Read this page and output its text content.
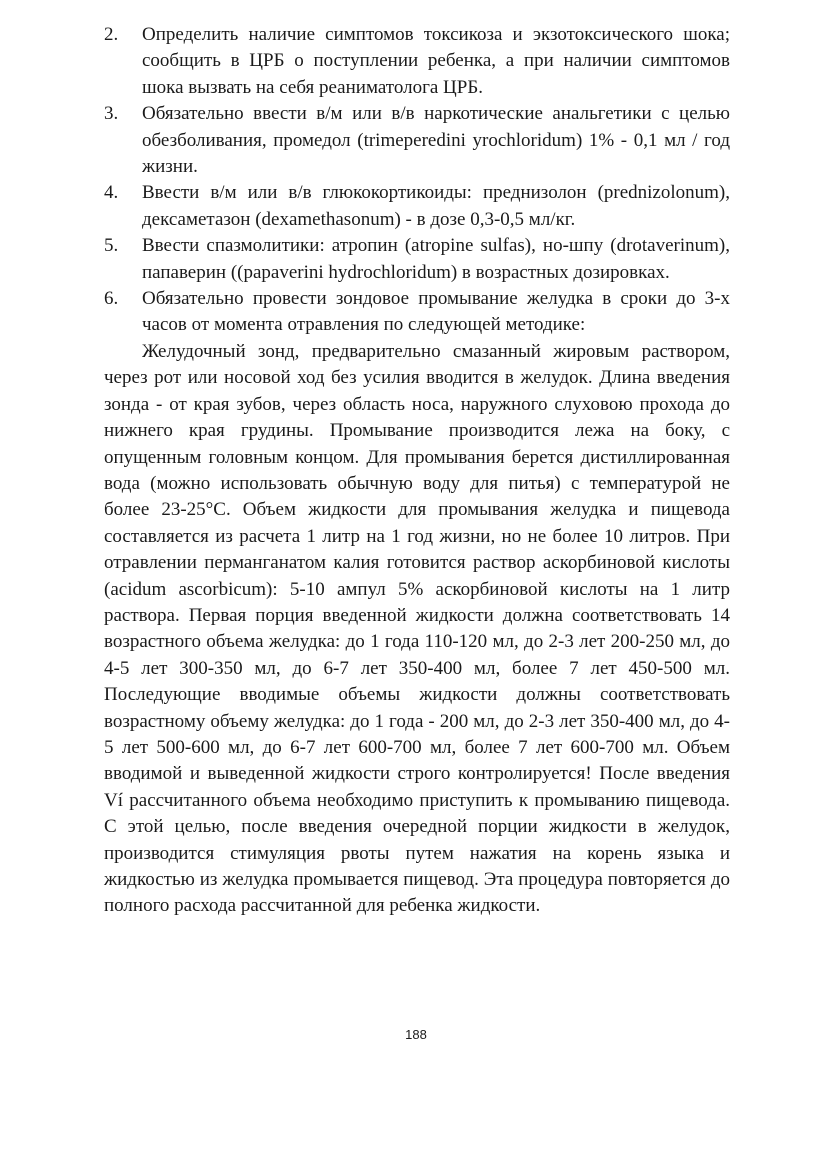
2.	Определить наличие симптомов токсикоза и экзотоксического шока; сообщить в ЦРБ о поступлении ребенка, а при наличии симптомов шока вызвать на себя реаниматолога ЦРБ.
3.	Обязательно ввести в/м или в/в наркотические анальгетики с целью обезболивания, промедол (trimeperedini yrochloridum) 1% - 0,1 мл / год жизни.
4.	Ввести в/м или в/в глюкокортикоиды: преднизолон (prednizolonum), дексаметазон (dexamethasonum) - в дозе 0,3-0,5 мл/кг.
5.	Ввести спазмолитики: атропин (atropine sulfas), но-шпу (drotaverinum), папаверин ((papaverini hydrochloridum) в возрастных дозировках.
6.	Обязательно провести зондовое промывание желудка в сроки до 3-х часов от момента отравления по следующей методике:

Желудочный зонд, предварительно смазанный жировым раствором, через рот или носовой ход без усилия вводится в желудок. Длина введения зонда - от края зубов, через область носа, наружного слуховою прохода до нижнего края грудины. Промывание производится лежа на боку, с опущенным головным концом. Для промывания берется дистиллированная вода (можно использовать обычную воду для питья) с температурой не более 23-25°С. Объем жидкости для промывания желудка и пищевода составляется из расчета 1 литр на 1 год жизни, но не более 10 литров. При отравлении перманганатом калия готовится раствор аскорбиновой кислоты (acidum ascorbicum): 5-10 ампул 5% аскорбиновой кислоты на 1 литр раствора. Первая порция введенной жидкости должна соответствовать 14 возрастного объема желудка: до 1 года 110-120 мл, до 2-3 лет 200-250 мл, до 4-5 лет 300-350 мл, до 6-7 лет 350-400 мл, более 7 лет 450-500 мл. Последующие вводимые объемы жидкости должны соответствовать возрастному объему желудка: до 1 года - 200 мл, до 2-3 лет 350-400 мл, до 4-5 лет 500-600 мл, до 6-7 лет 600-700 мл, более 7 лет 600-700 мл. Объем вводимой и выведенной жидкости строго контролируется! После введения Ví рассчитанного объема необходимо приступить к промыванию пищевода. С этой целью, после введения очередной порции жидкости в желудок, производится стимуляция рвоты путем нажатия на корень языка и жидкостью из желудка промывается пищевод. Эта процедура повторяется до полного расхода рассчитанной для ребенка жидкости.

188
